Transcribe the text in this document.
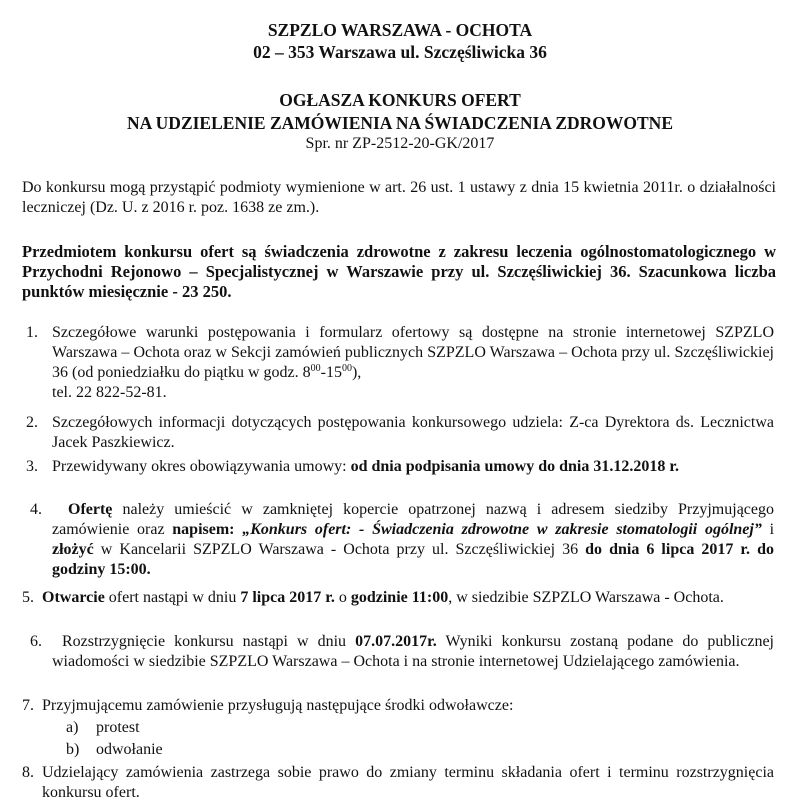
SZPZLO WARSZAWA - OCHOTA
02 – 353 Warszawa ul. Szczęśliwicka 36
OGŁASZA KONKURS OFERT
NA UDZIELENIE ZAMÓWIENIA NA ŚWIADCZENIA ZDROWOTNE
Spr. nr ZP-2512-20-GK/2017
Do konkursu mogą przystąpić podmioty wymienione w art. 26 ust. 1 ustawy z dnia 15 kwietnia 2011r. o działalności leczniczej (Dz. U. z 2016 r. poz. 1638 ze zm.).
Przedmiotem konkursu ofert są świadczenia zdrowotne z zakresu leczenia ogólnostomatologicznego w Przychodni Rejonowo – Specjalistycznej w Warszawie przy ul. Szczęśliwickiej 36. Szacunkowa liczba punktów miesięcznie - 23 250.
1. Szczegółowe warunki postępowania i formularz ofertowy są dostępne na stronie internetowej SZPZLO Warszawa – Ochota oraz w Sekcji zamówień publicznych SZPZLO Warszawa – Ochota przy ul. Szczęśliwickiej 36 (od poniedziałku do piątku w godz. $8^{00}-15^{00}$),
tel. 22 822-52-81.
2. Szczegółowych informacji dotyczących postępowania konkursowego udziela: Z-ca Dyrektora ds. Lecznictwa Jacek Paszkiewicz.
3. Przewidywany okres obowiązywania umowy: od dnia podpisania umowy do dnia 31.12.2018 r.
4.	Ofertę należy umieścić w zamkniętej kopercie opatrzonej nazwą i adresem siedziby Przyjmującego zamówienie oraz napisem: „Konkurs ofert: - Świadczenia zdrowotne w zakresie stomatologii ogólnej” i złożyć w Kancelarii SZPZLO Warszawa - Ochota przy ul. Szczęśliwickiej 36 do dnia 6 lipca 2017 r. do godziny 15:00.
5. Otwarcie ofert nastąpi w dniu 7 lipca 2017 r. o godzinie 11:00, w siedzibie SZPZLO Warszawa - Ochota.
6.	Rozstrzygnięcie konkursu nastąpi w dniu 07.07.2017r. Wyniki konkursu zostaną podane do publicznej wiadomości w siedzibie SZPZLO Warszawa – Ochota i na stronie internetowej Udzielającego zamówienia.
7. Przyjmującemu zamówienie przysługują następujące środki odwoławcze:
a) protest
b) odwołanie
8. Udzielający zamówienia zastrzega sobie prawo do zmiany terminu składania ofert i terminu rozstrzygnięcia konkursu ofert.
